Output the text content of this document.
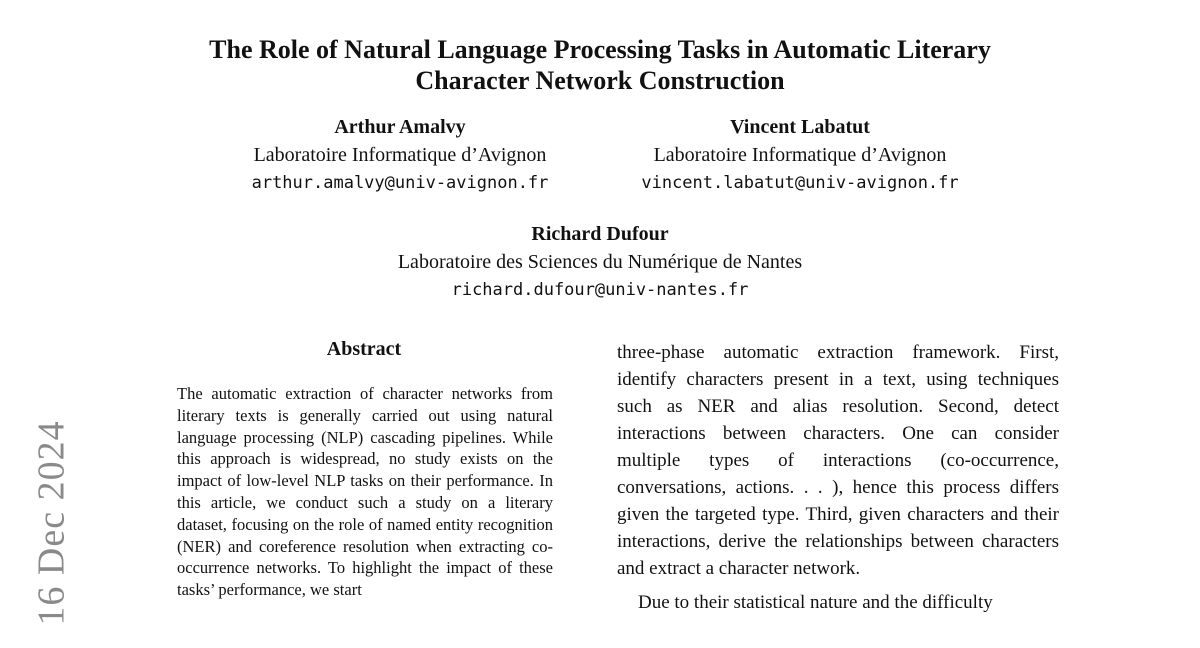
16 Dec 2024
The Role of Natural Language Processing Tasks in Automatic Literary
Character Network Construction
Arthur Amalvy
Laboratoire Informatique d’Avignon
arthur.amalvy@univ-avignon.fr
Vincent Labatut
Laboratoire Informatique d’Avignon
vincent.labatut@univ-avignon.fr
Richard Dufour
Laboratoire des Sciences du Numérique de Nantes
richard.dufour@univ-nantes.fr
Abstract

The automatic extraction of character networks from literary texts is generally carried out using natural language processing (NLP) cascading pipelines. While this approach is widespread, no study exists on the impact of low-level NLP tasks on their performance. In this article, we conduct such a study on a literary dataset, focusing on the role of named entity recognition (NER) and coreference resolution when extracting co-occurrence networks. To highlight the impact of these tasks’ performance, we start

three-phase automatic extraction framework. First, identify characters present in a text, using techniques such as NER and alias resolution. Second, detect interactions between characters. One can consider multiple types of interactions (co-occurrence, conversations, actions. . . ), hence this process differs given the targeted type. Third, given characters and their interactions, derive the relationships between characters and extract a character network.

Due to their statistical nature and the difficulty
